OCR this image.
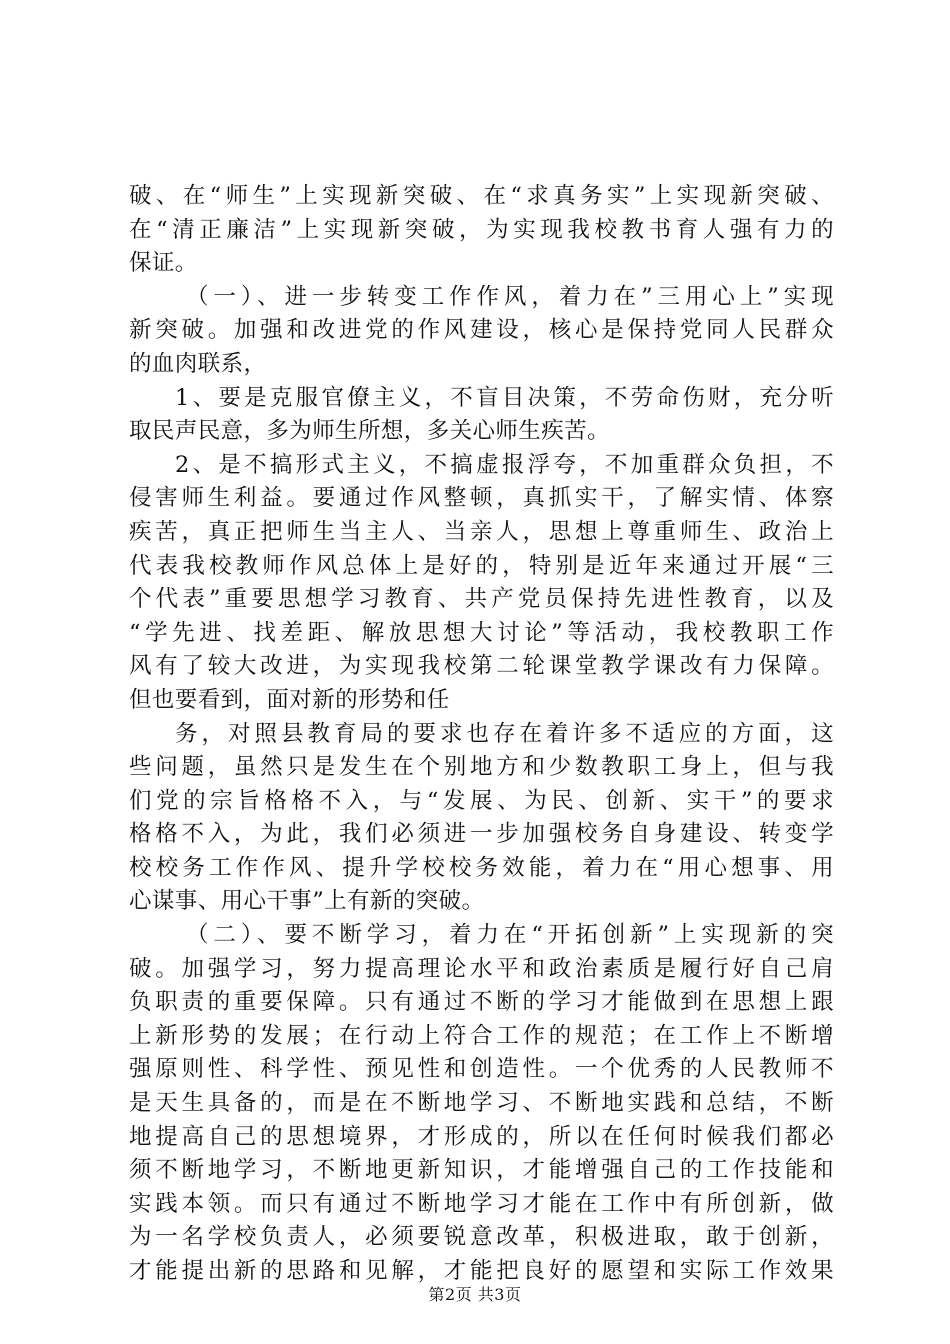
破、在“师生”上实现新突破、在“求真务实”上实现新突破、
在“清正廉洁”上实现新突破，为实现我校教书育人强有力的
保证。
（一）、进一步转变工作作风，着力在”三用心上”实现
新突破。加强和改进党的作风建设，核心是保持党同人民群众
的血肉联系，
1、要是克服官僚主义，不盲目决策，不劳命伤财，充分听
取民声民意，多为师生所想，多关心师生疾苦。
2、是不搞形式主义，不搞虚报浮夸，不加重群众负担，不
侵害师生利益。要通过作风整顿，真抓实干，了解实情、体察
疾苦，真正把师生当主人、当亲人，思想上尊重师生、政治上
代表我校教师作风总体上是好的，特别是近年来通过开展“三
个代表”重要思想学习教育、共产党员保持先进性教育，以及
“学先进、找差距、解放思想大讨论”等活动，我校教职工作
风有了较大改进，为实现我校第二轮课堂教学课改有力保障。
但也要看到，面对新的形势和任
务，对照县教育局的要求也存在着许多不适应的方面，这
些问题，虽然只是发生在个别地方和少数教职工身上，但与我
们党的宗旨格格不入，与“发展、为民、创新、实干”的要求
格格不入，为此，我们必须进一步加强校务自身建设、转变学
校校务工作作风、提升学校校务效能，着力在“用心想事、用
心谋事、用心干事”上有新的突破。
（二）、要不断学习，着力在“开拓创新”上实现新的突
破。加强学习，努力提高理论水平和政治素质是履行好自己肩
负职责的重要保障。只有通过不断的学习才能做到在思想上跟
上新形势的发展；在行动上符合工作的规范；在工作上不断增
强原则性、科学性、预见性和创造性。一个优秀的人民教师不
是天生具备的，而是在不断地学习、不断地实践和总结，不断
地提高自己的思想境界，才形成的，所以在任何时候我们都必
须不断地学习，不断地更新知识，才能增强自己的工作技能和
实践本领。而只有通过不断地学习才能在工作中有所创新，做
为一名学校负责人，必须要锐意改革，积极进取，敢于创新，
才能提出新的思路和见解，才能把良好的愿望和实际工作效果
第2页 共3页
